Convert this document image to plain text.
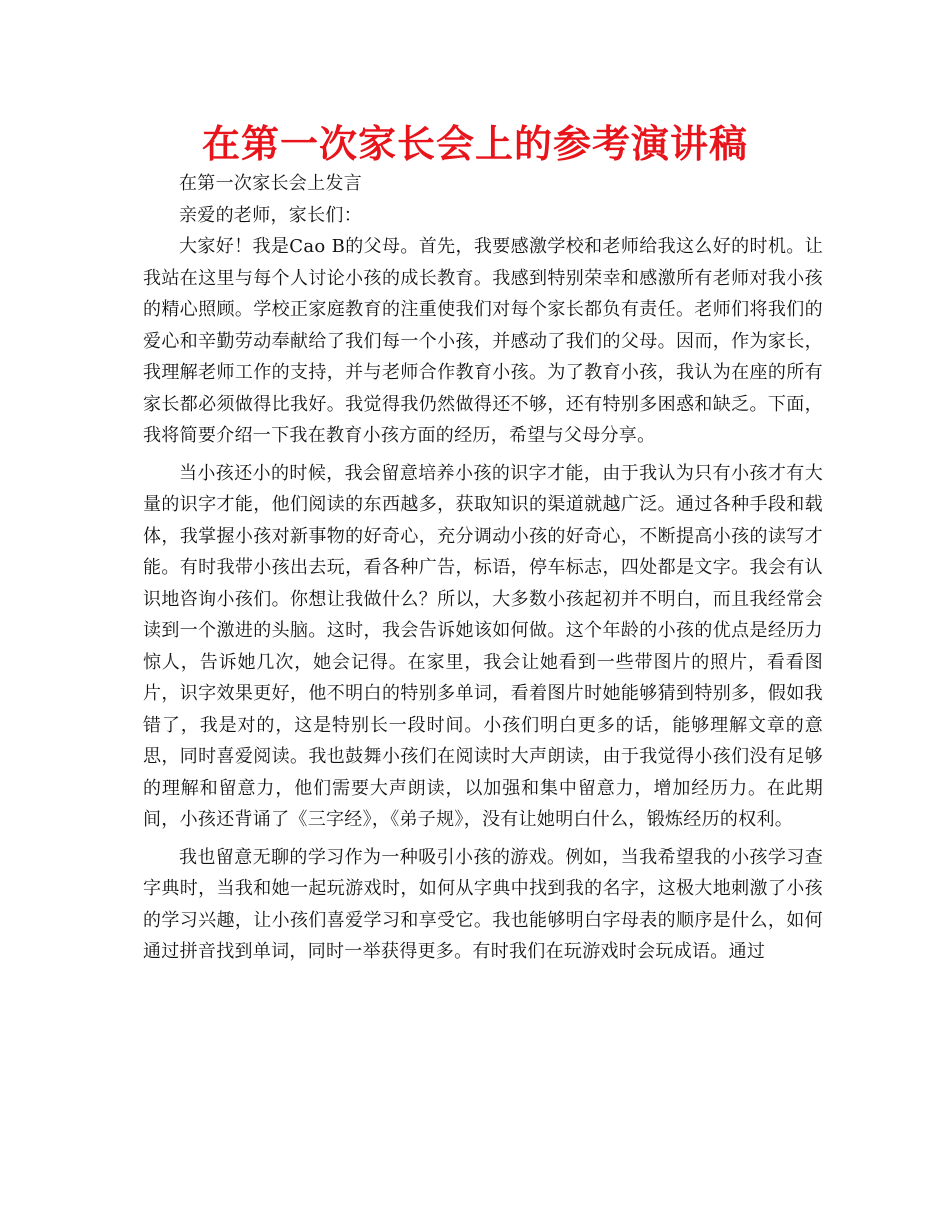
在第一次家长会上的参考演讲稿

在第一次家长会上发言

亲爱的老师，家长们：

大家好！我是Cao B的父母。首先，我要感激学校和老师给我这么好的时机。让我站在这里与每个人讨论小孩的成长教育。我感到特别荣幸和感激所有老师对我小孩的精心照顾。学校正家庭教育的注重使我们对每个家长都负有责任。老师们将我们的爱心和辛勤劳动奉献给了我们每一个小孩，并感动了我们的父母。因而，作为家长，我理解老师工作的支持，并与老师合作教育小孩。为了教育小孩，我认为在座的所有家长都必须做得比我好。我觉得我仍然做得还不够，还有特别多困惑和缺乏。下面，我将简要介绍一下我在教育小孩方面的经历，希望与父母分享。

当小孩还小的时候，我会留意培养小孩的识字才能，由于我认为只有小孩才有大量的识字才能，他们阅读的东西越多，获取知识的渠道就越广泛。通过各种手段和载体，我掌握小孩对新事物的好奇心，充分调动小孩的好奇心，不断提高小孩的读写才能。有时我带小孩出去玩，看各种广告，标语，停车标志，四处都是文字。我会有认识地咨询小孩们。你想让我做什么？所以，大多数小孩起初并不明白，而且我经常会读到一个激进的头脑。这时，我会告诉她该如何做。这个年龄的小孩的优点是经历力惊人，告诉她几次，她会记得。在家里，我会让她看到一些带图片的照片，看看图片，识字效果更好，他不明白的特别多单词，看着图片时她能够猜到特别多，假如我错了，我是对的，这是特别长一段时间。小孩们明白更多的话，能够理解文章的意思，同时喜爱阅读。我也鼓舞小孩们在阅读时大声朗读，由于我觉得小孩们没有足够的理解和留意力，他们需要大声朗读，以加强和集中留意力，增加经历力。在此期间，小孩还背诵了《三字经》，《弟子规》，没有让她明白什么，锻炼经历的权利。

我也留意无聊的学习作为一种吸引小孩的游戏。例如，当我希望我的小孩学习查字典时，当我和她一起玩游戏时，如何从字典中找到我的名字，这极大地刺激了小孩的学习兴趣，让小孩们喜爱学习和享受它。我也能够明白字母表的顺序是什么，如何通过拼音找到单词，同时一举获得更多。有时我们在玩游戏时会玩成语。通过
